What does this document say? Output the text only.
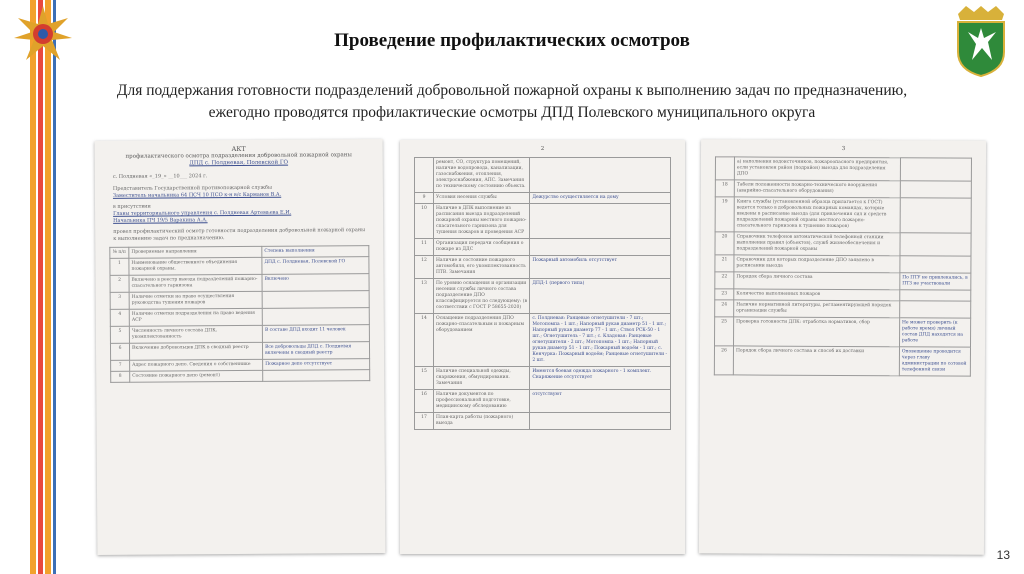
Проведение профилактических осмотров
Для поддержания готовности подразделений добровольной пожарной охраны к выполнению задач по предназначению,
ежегодно проводятся профилактические осмотры ДПД Полевского муниципального округа
АКТ
профилактического осмотра подразделения добровольной пожарной охраны
ДПД с. Полдневая, Полевской ГО
с. Полдневая «_19_» __10___ 2024 г.
Представитель Государственной противопожарной службы
Заместитель начальника 64 ПСЧ 10 ПСО к-н в/с Карманов В.А.
в присутствии
Главы территориального управления с. Полдневая Артемьева Е.И.
Начальника ПЧ 19/5 Варакина А.А.
провел профилактический осмотр готовности подразделения добровольной пожарной охраны к выполнению задач по предназначению.
№ п/п	Проверяемые направления	Степень выполнения
1	Наименование общественного объединения пожарной охраны.	ДПД с. Полдневая, Полевской ГО
2	Включено в реестр выезда подразделений пожарно-спасательного гарнизона	Включено
3	Наличие отметки на право осуществления руководства тушения пожаров	
4	Наличие отметки подразделения на право ведения АСР	
5	Численность личного состава ДПК, укомплектованность	В составе ДПД входит 11 человек
6	Включение добровольцев ДПК в сводный реестр	Все добровольцы ДПД с. Полдневая включены в сводный реестр
7	Адрес пожарного депо. Сведения о собственнике	Пожарное депо отсутствует
8	Состояние пожарного депо (ремонт)	
2
	ремонт, СО, структура помещений, наличие водопровода, канализации, газоснабжения, отопления, электроснабжения, АПС. Замечания по техническому состоянию объекта.	
9	Условия несения службы	Дежурство осуществляется на дому
10	Наличие в ДПК выполнение из расписания выезда подразделений пожарной охраны местного пожарно-спасательного гарнизона для тушения пожаров и проведения АСР	
11	Организация передачи сообщения о пожаре из ДДС	
12	Наличие и состояние пожарного автомобиля, его укомплектованность ПТВ. Замечания	Пожарный автомобиль отсутствует
13	По уровню оснащения и организации несения службы личного состава подразделение ДПО классифицируется по следующему: (в соответствии с ГОСТ Р 58655-2020)	ДПД-1 (первого типа)
14	Оснащение подразделения ДПО пожарно-спасательным и пожарным оборудованием	с. Полдневая: Ранцевые огнетушители - 7 шт.; Мотопомпа - 1 шт.; Напорный рукав диаметр 51 - 1 шт.; Напорный рукав диаметр 77 - 1 шт.; Ствол РСК-50 - 1 шт.; Огнетушитель - 7 шт.; с. Кладовая: Ранцевые огнетушители - 2 шт.; Мотопомпа - 1 шт.; Напорный рукав диаметр 51 - 1 шт.; Пожарный водоём - 1 шт.; с. Кенчурка: Пожарный водоём; Ранцевые огнетушители - 2 шт.
15	Наличие специальной одежды, снаряжения, обмундирования. Замечания	Имеются боевая одежда пожарного - 1 комплект. Снаряжение отсутствует
16	Наличие документов по профессиональной подготовке, медицинскому обследованию	отсутствуют
17	План-карта работы (пожарного) выезда	
3
	а) наполнения водоисточников, пожароопасного предприятия, если установлен район (подрайон) выезда для подразделения ДПО	
18	Табели положенности пожарно-технического вооружения (аварийно-спасательного оборудования)	
19	Книга службы (установленной образца прилагается к ГОСТ) ведется только в добровольных пожарных командах, которые введены в расписание выезда (для привлечения сил и средств подразделений пожарной охраны местного пожарно-спасательного гарнизона к тушению пожаров)	
20	Справочник телефонов автоматической телефонной станции выполнения правил (объектов), служб жизнеобеспечения и подразделений пожарной охраны	
21	Справочник для которых подразделение ДПО заявлено в расписании выезда	
22	Порядок сбора личного состава	По ПТУ не привлекались, в ПТЗ не участвовали
23	Количество выполненных пожаров	
24	Наличие нормативной литературы, регламентирующей порядок организации службы	
25	Проверка готовности ДПК: отработка нормативов, сбор	Не может проверить (к работе время) личный состав ДПД находятся на работе
26	Порядок сбора личного состава и способ их доставки	Оповещение проводится через главу администрации по сотовой телефонной связи
13
